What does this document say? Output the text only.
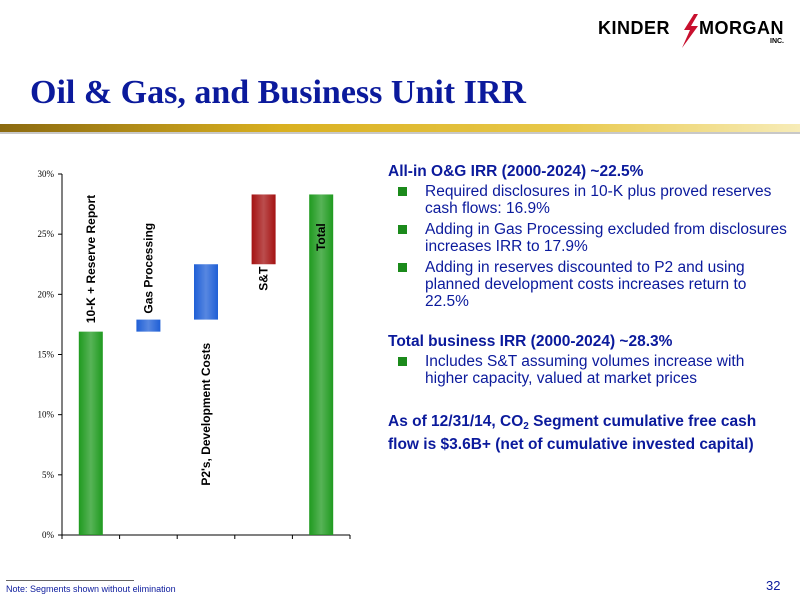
KINDER MORGAN
INC.
Oil & Gas, and Business Unit IRR
0%
5%
10%
15%
20%
25%
30%
10-K + Reserve Report	Gas Processing
P2's, Development Costs
S&T
Total
All-in O&G IRR (2000-2024) ~22.5%
Required disclosures in 10-K plus proved reserves cash flows: 16.9%
Adding in Gas Processing excluded from disclosures increases IRR to 17.9%
Adding in reserves discounted to P2 and using planned development costs increases return to 22.5%
Total business IRR (2000-2024) ~28.3%
Includes S&T assuming volumes increase with higher capacity, valued at market prices
As of 12/31/14, $CO_2$ Segment cumulative free cash flow is $3.6B+ (net of cumulative invested capital)
Note: Segments shown without elimination	32
